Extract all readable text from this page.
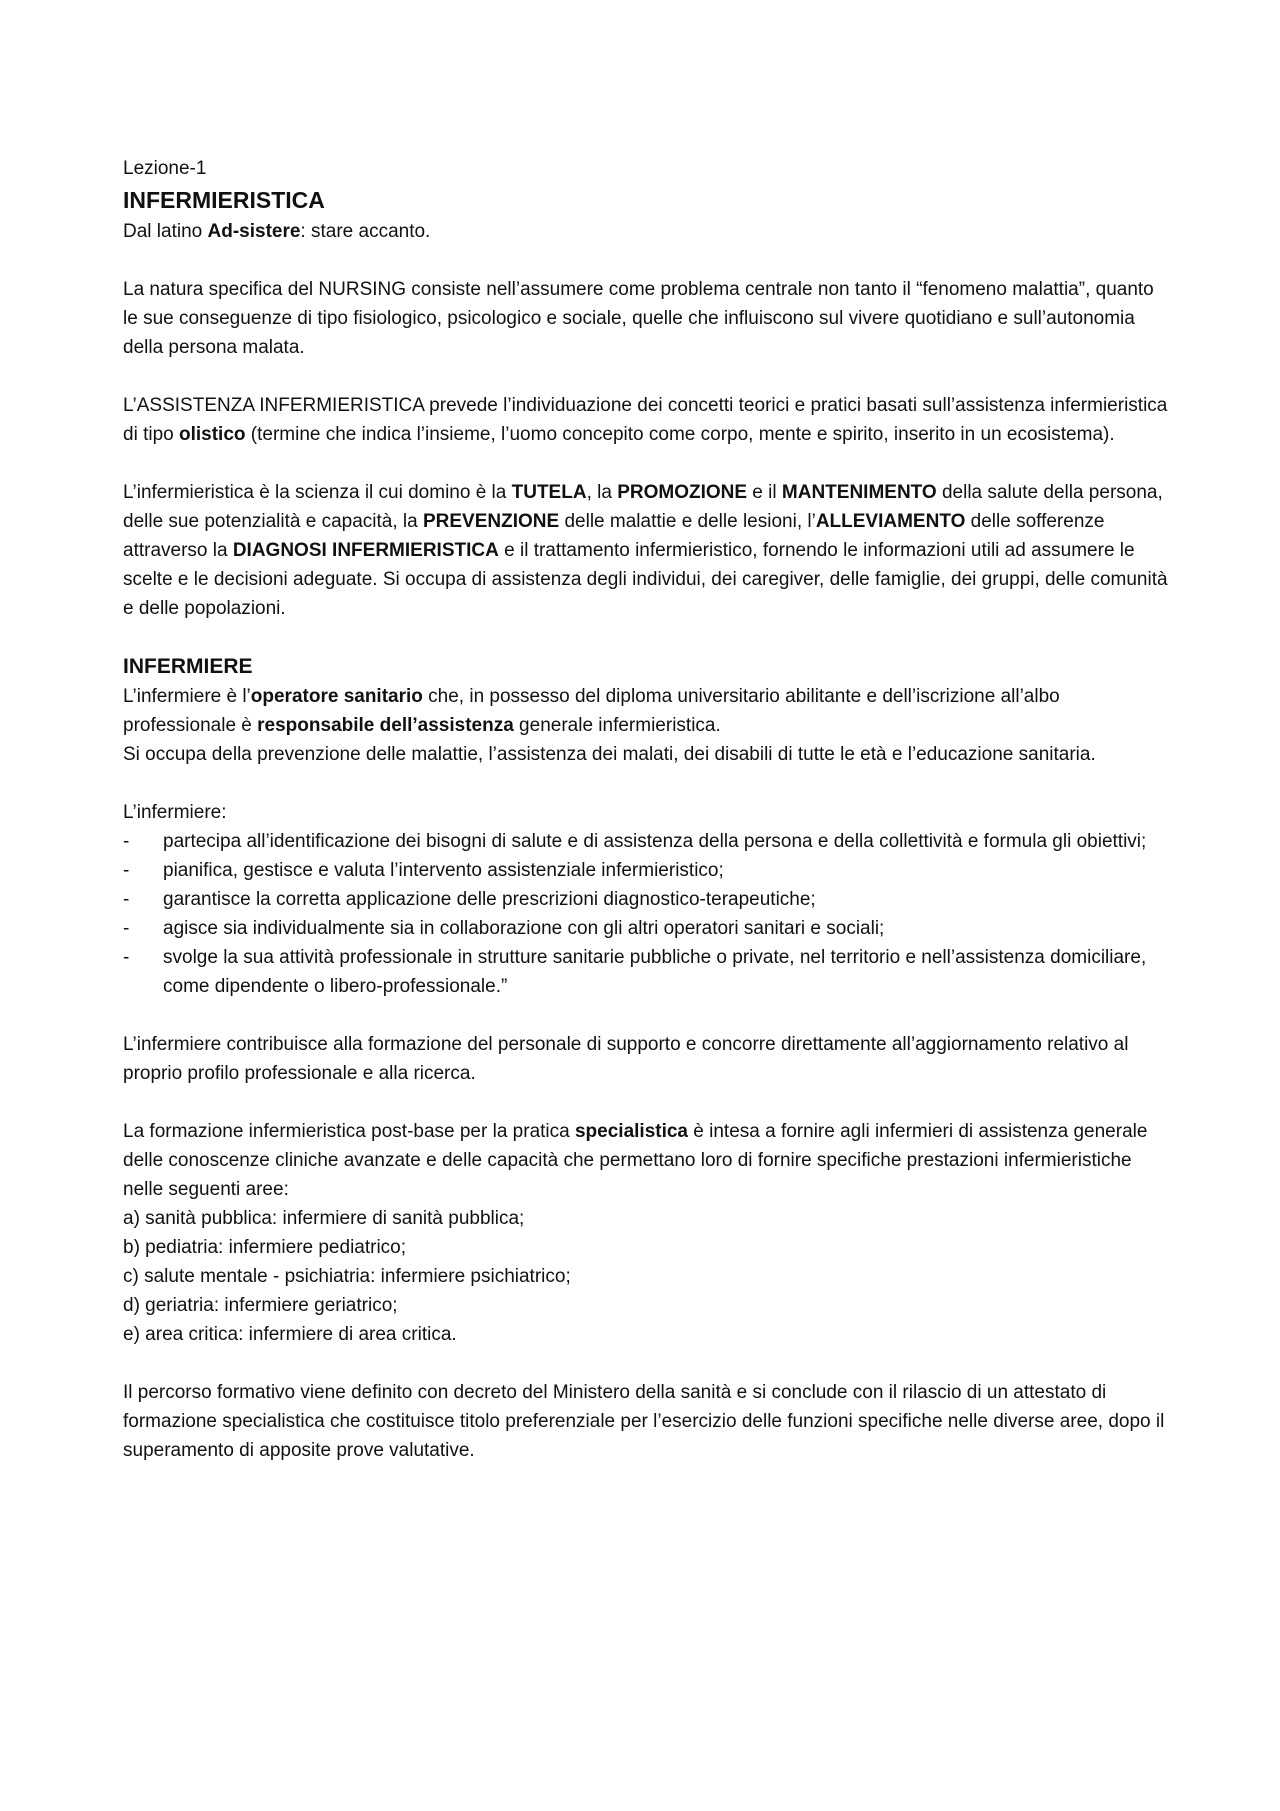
Lezione-1

INFERMIERISTICA

Dal latino Ad-sistere: stare accanto.

La natura specifica del NURSING consiste nell’assumere come problema centrale non tanto il “fenomeno malattia”, quanto le sue conseguenze di tipo fisiologico, psicologico e sociale, quelle che influiscono sul vivere quotidiano e sull’autonomia della persona malata.

L’ASSISTENZA INFERMIERISTICA prevede l’individuazione dei concetti teorici e pratici basati sull’assistenza infermieristica di tipo olistico (termine che indica l’insieme, l’uomo concepito come corpo, mente e spirito, inserito in un ecosistema).

L’infermieristica è la scienza il cui domino è la TUTELA, la PROMOZIONE e il MANTENIMENTO della salute della persona, delle sue potenzialità e capacità, la PREVENZIONE delle malattie e delle lesioni, l’ALLEVIAMENTO delle sofferenze attraverso la DIAGNOSI INFERMIERISTICA e il trattamento infermieristico, fornendo le informazioni utili ad assumere le scelte e le decisioni adeguate. Si occupa di assistenza degli individui, dei caregiver, delle famiglie, dei gruppi, delle comunità e delle popolazioni.

INFERMIERE

L’infermiere è l’operatore sanitario che, in possesso del diploma universitario abilitante e dell’iscrizione all’albo professionale è responsabile dell’assistenza generale infermieristica.

Si occupa della prevenzione delle malattie, l’assistenza dei malati, dei disabili di tutte le età e l’educazione sanitaria.

L’infermiere:

- partecipa all’identificazione dei bisogni di salute e di assistenza della persona e della collettività e formula gli obiettivi;
- pianifica, gestisce e valuta l’intervento assistenziale infermieristico;
- garantisce la corretta applicazione delle prescrizioni diagnostico-terapeutiche;
- agisce sia individualmente sia in collaborazione con gli altri operatori sanitari e sociali;
- svolge la sua attività professionale in strutture sanitarie pubbliche o private, nel territorio e nell’assistenza domiciliare, come dipendente o libero-professionale.”

L’infermiere contribuisce alla formazione del personale di supporto e concorre direttamente all’aggiornamento relativo al proprio profilo professionale e alla ricerca.

La formazione infermieristica post-base per la pratica specialistica è intesa a fornire agli infermieri di assistenza generale delle conoscenze cliniche avanzate e delle capacità che permettano loro di fornire specifiche prestazioni infermieristiche nelle seguenti aree:

a) sanità pubblica: infermiere di sanità pubblica;
b) pediatria: infermiere pediatrico;
c) salute mentale - psichiatria: infermiere psichiatrico;
d) geriatria: infermiere geriatrico;
e) area critica: infermiere di area critica.

Il percorso formativo viene definito con decreto del Ministero della sanità e si conclude con il rilascio di un attestato di formazione specialistica che costituisce titolo preferenziale per l’esercizio delle funzioni specifiche nelle diverse aree, dopo il superamento di apposite prove valutative.
